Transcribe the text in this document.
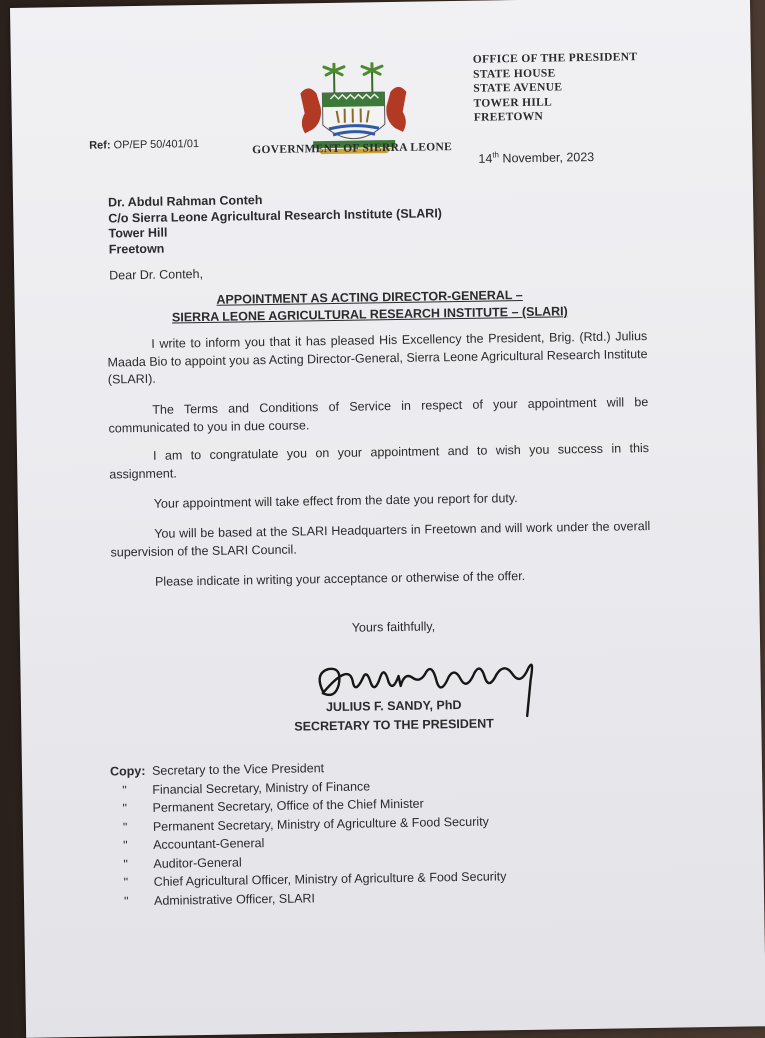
OFFICE OF THE PRESIDENT
STATE HOUSE
STATE AVENUE
TOWER HILL
FREETOWN
GOVERNMENT OF SIERRA LEONE
Ref: OP/EP 50/401/01
14th November, 2023
Dr. Abdul Rahman Conteh
C/o Sierra Leone Agricultural Research Institute (SLARI)
Tower Hill
Freetown
Dear Dr. Conteh,
APPOINTMENT AS ACTING DIRECTOR-GENERAL –
SIERRA LEONE AGRICULTURAL RESEARCH INSTITUTE – (SLARI)
I write to inform you that it has pleased His Excellency the President, Brig. (Rtd.) Julius Maada Bio to appoint you as Acting Director-General, Sierra Leone Agricultural Research Institute (SLARI).
The Terms and Conditions of Service in respect of your appointment will be communicated to you in due course.
I am to congratulate you on your appointment and to wish you success in this assignment.
Your appointment will take effect from the date you report for duty.
You will be based at the SLARI Headquarters in Freetown and will work under the overall supervision of the SLARI Council.
Please indicate in writing your acceptance or otherwise of the offer.
Yours faithfully,
JULIUS F. SANDY, PhD
SECRETARY TO THE PRESIDENT
Copy: Secretary to the Vice President
"	Financial Secretary, Ministry of Finance
"	Permanent Secretary, Office of the Chief Minister
"	Permanent Secretary, Ministry of Agriculture & Food Security
"	Accountant-General
"	Auditor-General
"	Chief Agricultural Officer, Ministry of Agriculture & Food Security
"	Administrative Officer, SLARI
